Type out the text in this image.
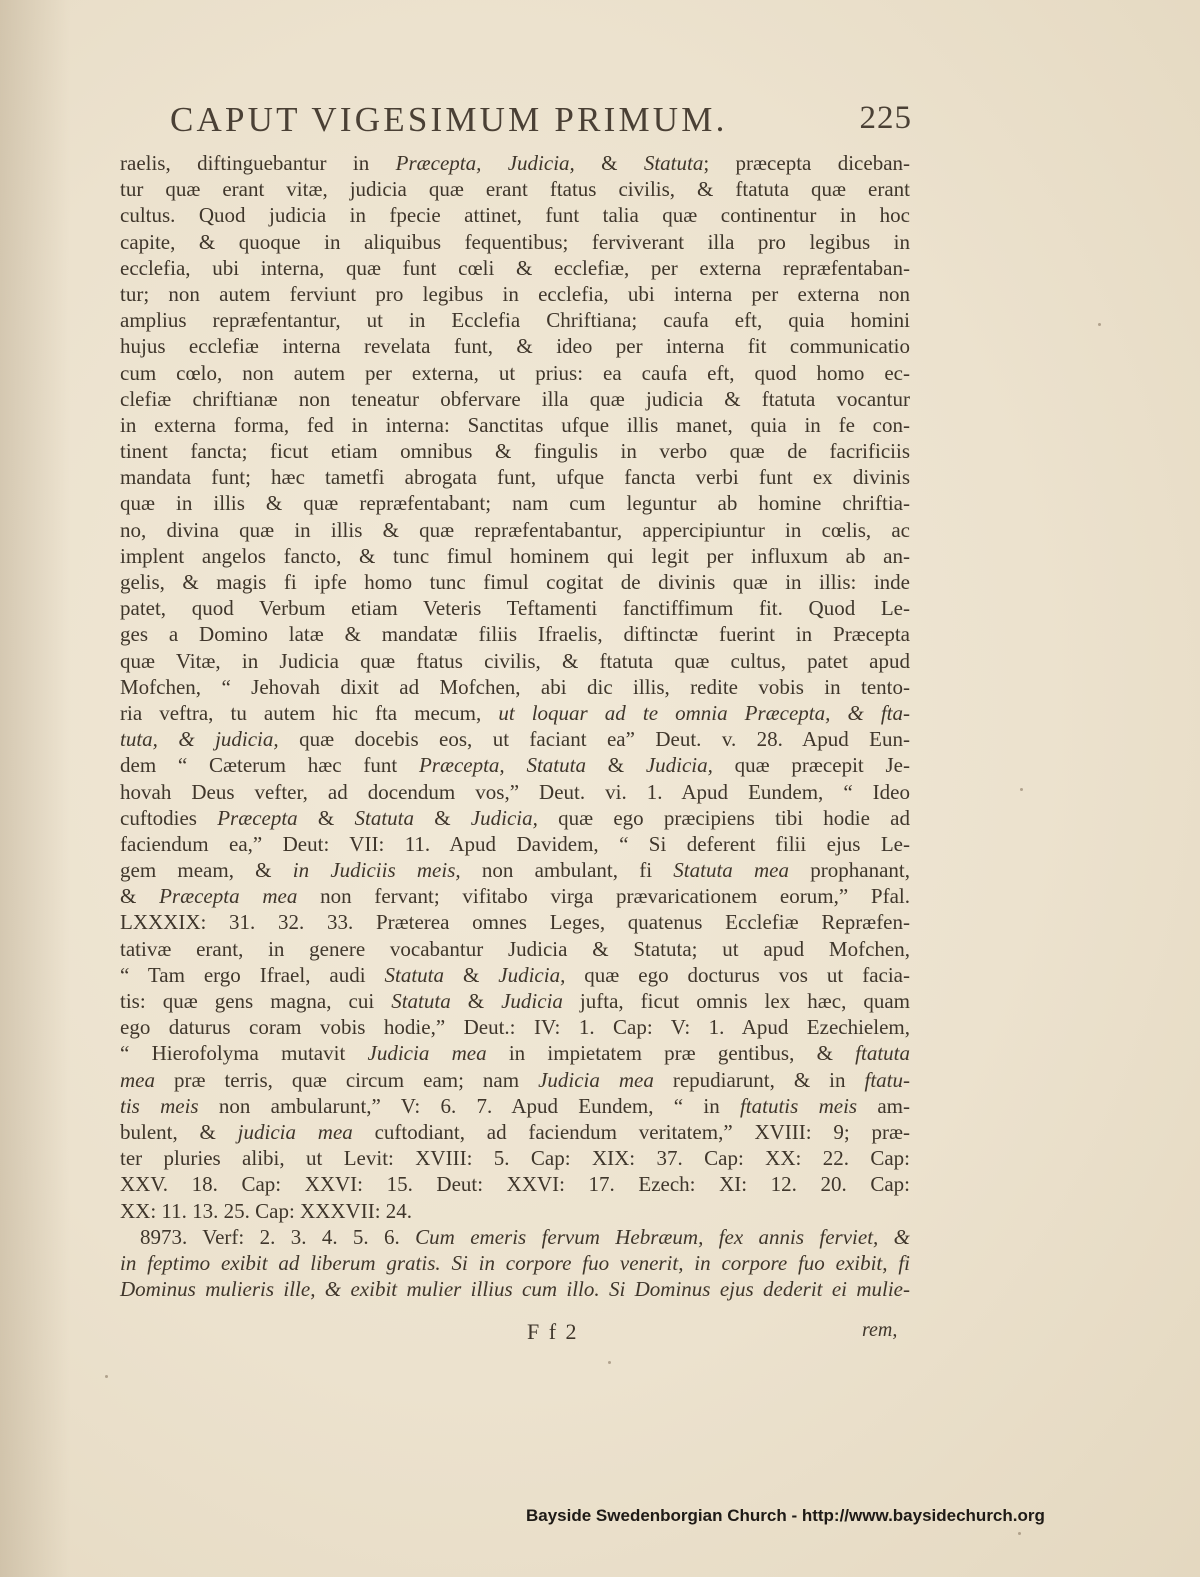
CAPUT VIGESIMUM PRIMUM.	225
raelis, diftinguebantur in Præcepta, Judicia, & Statuta; præcepta diceban-
tur quæ erant vitæ, judicia quæ erant ftatus civilis, & ftatuta quæ erant
cultus. Quod judicia in fpecie attinet, funt talia quæ continentur in hoc
capite, & quoque in aliquibus fequentibus; ferviverant illa pro legibus in
ecclefia, ubi interna, quæ funt cœli & ecclefiæ, per externa repræfentaban-
tur; non autem ferviunt pro legibus in ecclefia, ubi interna per externa non
amplius repræfentantur, ut in Ecclefia Chriftiana; caufa eft, quia homini
hujus ecclefiæ interna revelata funt, & ideo per interna fit communicatio
cum cœlo, non autem per externa, ut prius: ea caufa eft, quod homo ec-
clefiæ chriftianæ non teneatur obfervare illa quæ judicia & ftatuta vocantur
in externa forma, fed in interna: Sanctitas ufque illis manet, quia in fe con-
tinent fancta; ficut etiam omnibus & fingulis in verbo quæ de facrificiis
mandata funt; hæc tametfi abrogata funt, ufque fancta verbi funt ex divinis
quæ in illis & quæ repræfentabant; nam cum leguntur ab homine chriftia-
no, divina quæ in illis & quæ repræfentabantur, appercipiuntur in cœlis, ac
implent angelos fancto, & tunc fimul hominem qui legit per influxum ab an-
gelis, & magis fi ipfe homo tunc fimul cogitat de divinis quæ in illis: inde
patet, quod Verbum etiam Veteris Teftamenti fanctiffimum fit. Quod Le-
ges a Domino latæ & mandatæ filiis Ifraelis, diftinctæ fuerint in Præcepta
quæ Vitæ, in Judicia quæ ftatus civilis, & ftatuta quæ cultus, patet apud
Mofchen, “ Jehovah dixit ad Mofchen, abi dic illis, redite vobis in tento-
ria veftra, tu autem hic fta mecum, ut loquar ad te omnia Præcepta, & fta-
tuta, & judicia, quæ docebis eos, ut faciant ea” Deut. v. 28. Apud Eun-
dem “ Cæterum hæc funt Præcepta, Statuta & Judicia, quæ præcepit Je-
hovah Deus vefter, ad docendum vos,” Deut. vi. 1. Apud Eundem, “ Ideo
cuftodies Præcepta & Statuta & Judicia, quæ ego præcipiens tibi hodie ad
faciendum ea,” Deut: VII: 11. Apud Davidem, “ Si deferent filii ejus Le-
gem meam, & in Judiciis meis, non ambulant, fi Statuta mea prophanant,
& Præcepta mea non fervant; vifitabo virga prævaricationem eorum,” Pfal.
LXXXIX: 31. 32. 33. Præterea omnes Leges, quatenus Ecclefiæ Repræfen-
tativæ erant, in genere vocabantur Judicia & Statuta; ut apud Mofchen,
“ Tam ergo Ifrael, audi Statuta & Judicia, quæ ego docturus vos ut facia-
tis: quæ gens magna, cui Statuta & Judicia jufta, ficut omnis lex hæc, quam
ego daturus coram vobis hodie,” Deut.: IV: 1. Cap: V: 1. Apud Ezechielem,
“ Hierofolyma mutavit Judicia mea in impietatem præ gentibus, & ftatuta
mea præ terris, quæ circum eam; nam Judicia mea repudiarunt, & in ftatu-
tis meis non ambularunt,” V: 6. 7. Apud Eundem, “ in ftatutis meis am-
bulent, & judicia mea cuftodiant, ad faciendum veritatem,” XVIII: 9; præ-
ter pluries alibi, ut Levit: XVIII: 5. Cap: XIX: 37. Cap: XX: 22. Cap:
XXV. 18. Cap: XXVI: 15. Deut: XXVI: 17. Ezech: XI: 12. 20. Cap:
XX: 11. 13. 25. Cap: XXXVII: 24.
8973. Verf: 2. 3. 4. 5. 6. Cum emeris fervum Hebræum, fex annis ferviet, &
in feptimo exibit ad liberum gratis. Si in corpore fuo venerit, in corpore fuo exibit, fi
Dominus mulieris ille, & exibit mulier illius cum illo. Si Dominus ejus dederit ei mulie-
F f 2	rem,
Bayside Swedenborgian Church - http://www.baysidechurch.org
